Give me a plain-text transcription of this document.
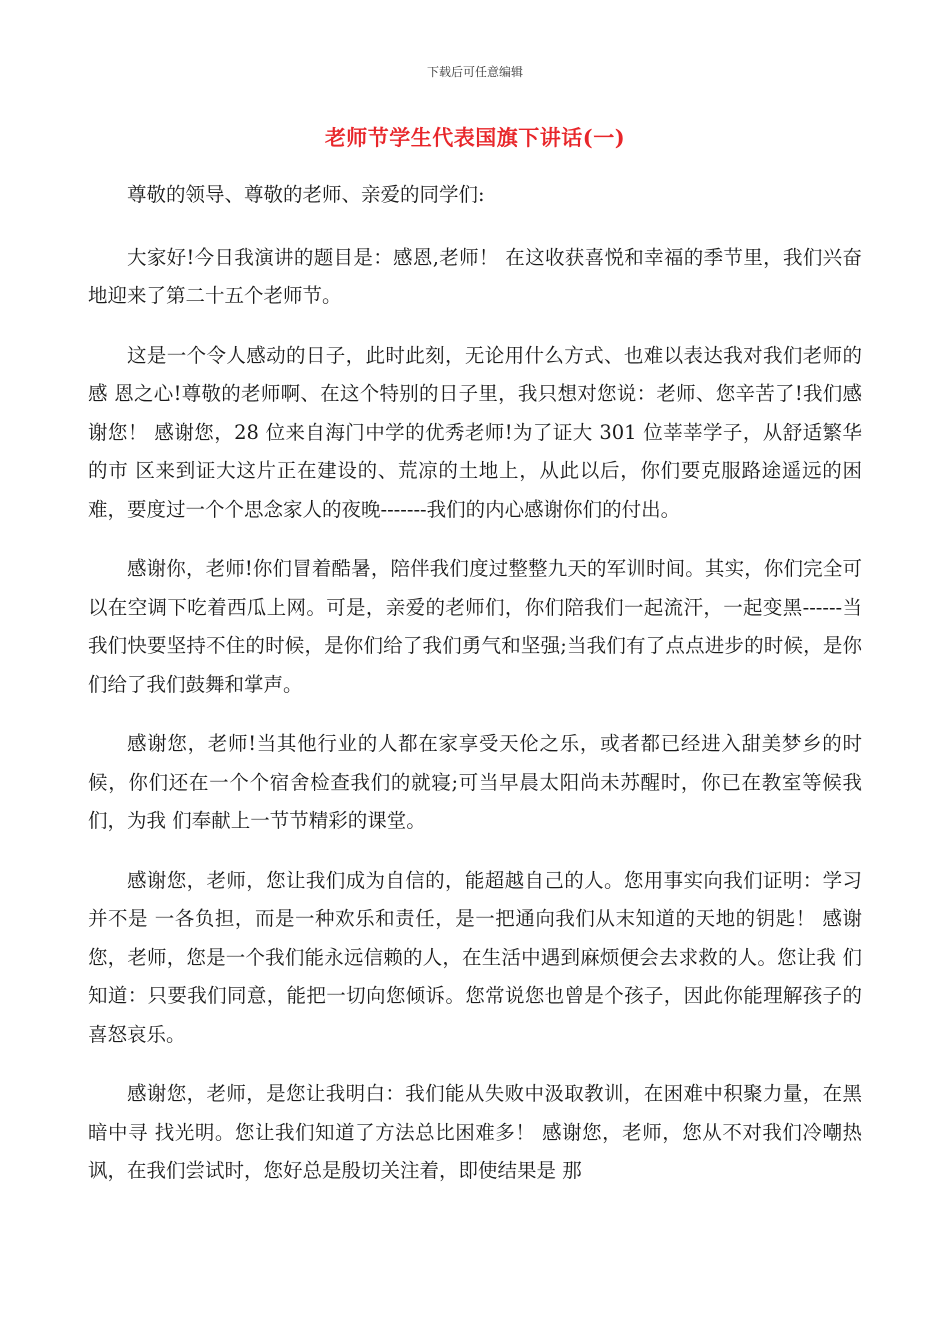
下载后可任意编辑
老师节学生代表国旗下讲话(一)

尊敬的领导、尊敬的老师、亲爱的同学们:

大家好!今日我演讲的题目是：感恩,老师！ 在这收获喜悦和幸福的季节里，我们兴奋地迎来了第二十五个老师节。

这是一个令人感动的日子，此时此刻，无论用什么方式、也难以表达我对我们老师的感 恩之心!尊敬的老师啊、在这个特别的日子里，我只想对您说：老师、您辛苦了!我们感谢您！ 感谢您，28 位来自海门中学的优秀老师!为了证大 301 位莘莘学子，从舒适繁华的市 区来到证大这片正在建设的、荒凉的土地上，从此以后，你们要克服路途遥远的困难，要度过一个个思念家人的夜晚-------我们的内心感谢你们的付出。

感谢你，老师!你们冒着酷暑，陪伴我们度过整整九天的军训时间。其实，你们完全可以在空调下吃着西瓜上网。可是，亲爱的老师们，你们陪我们一起流汗，一起变黑------当我们快要坚持不住的时候，是你们给了我们勇气和坚强;当我们有了点点进步的时候，是你们给了我们鼓舞和掌声。

感谢您，老师!当其他行业的人都在家享受天伦之乐，或者都已经进入甜美梦乡的时候，你们还在一个个宿舍检查我们的就寝;可当早晨太阳尚未苏醒时，你已在教室等候我们，为我 们奉献上一节节精彩的课堂。

感谢您，老师，您让我们成为自信的，能超越自己的人。您用事实向我们证明：学习并不是 一各负担，而是一种欢乐和责任，是一把通向我们从末知道的天地的钥匙！ 感谢您，老师，您是一个我们能永远信赖的人，在生活中遇到麻烦便会去求救的人。您让我 们知道：只要我们同意，能把一切向您倾诉。您常说您也曾是个孩子，因此你能理解孩子的喜怒哀乐。

感谢您，老师，是您让我明白：我们能从失败中汲取教训，在困难中积聚力量，在黑暗中寻 找光明。您让我们知道了方法总比困难多！ 感谢您，老师，您从不对我们冷嘲热讽，在我们尝试时，您好总是殷切关注着，即使结果是 那
